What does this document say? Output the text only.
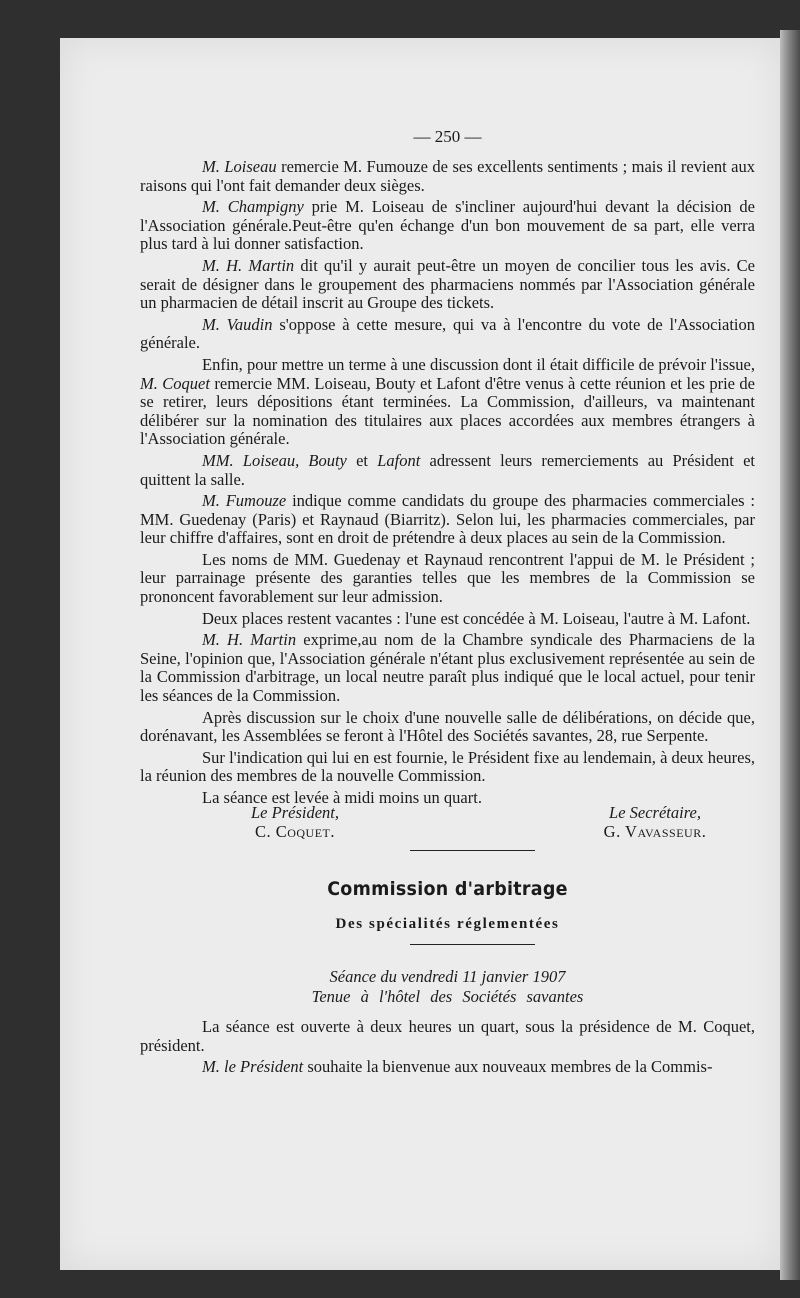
— 250 —

M. Loiseau remercie M. Fumouze de ses excellents sentiments ; mais il revient aux raisons qui l'ont fait demander deux sièges.

M. Champigny prie M. Loiseau de s'incliner aujourd'hui devant la décision de l'Association générale.Peut-être qu'en échange d'un bon mouvement de sa part, elle verra plus tard à lui donner satisfaction.

M. H. Martin dit qu'il y aurait peut-être un moyen de concilier tous les avis. Ce serait de désigner dans le groupement des pharmaciens nommés par l'Association générale un pharmacien de détail inscrit au Groupe des tickets.

M. Vaudin s'oppose à cette mesure, qui va à l'encontre du vote de l'Association générale.

Enfin, pour mettre un terme à une discussion dont il était difficile de prévoir l'issue, M. Coquet remercie MM. Loiseau, Bouty et Lafont d'être venus à cette réunion et les prie de se retirer, leurs dépositions étant terminées. La Commission, d'ailleurs, va maintenant délibérer sur la nomination des titulaires aux places accordées aux membres étrangers à l'Association générale.

MM. Loiseau, Bouty et Lafont adressent leurs remerciements au Président et quittent la salle.

M. Fumouze indique comme candidats du groupe des pharmacies commerciales : MM. Guedenay (Paris) et Raynaud (Biarritz). Selon lui, les pharmacies commerciales, par leur chiffre d'affaires, sont en droit de prétendre à deux places au sein de la Commission.

Les noms de MM. Guedenay et Raynaud rencontrent l'appui de M. le Président ; leur parrainage présente des garanties telles que les membres de la Commission se prononcent favorablement sur leur admission.

Deux places restent vacantes : l'une est concédée à M. Loiseau, l'autre à M. Lafont.

M. H. Martin exprime,au nom de la Chambre syndicale des Pharmaciens de la Seine, l'opinion que, l'Association générale n'étant plus exclusivement représentée au sein de la Commission d'arbitrage, un local neutre paraît plus indiqué que le local actuel, pour tenir les séances de la Commission.

Après discussion sur le choix d'une nouvelle salle de délibérations, on décide que, dorénavant, les Assemblées se feront à l'Hôtel des Sociétés savantes, 28, rue Serpente.

Sur l'indication qui lui en est fournie, le Président fixe au lendemain, à deux heures, la réunion des membres de la nouvelle Commission.

La séance est levée à midi moins un quart.

Le Président,
C. Coquet.
Le Secrétaire,
G. Vavasseur.
Commission d'arbitrage
Des spécialités réglementées
Séance du vendredi 11 janvier 1907
Tenue à l'hôtel des Sociétés savantes

La séance est ouverte à deux heures un quart, sous la présidence de M. Coquet, président.

M. le Président souhaite la bienvenue aux nouveaux membres de la Commis-
